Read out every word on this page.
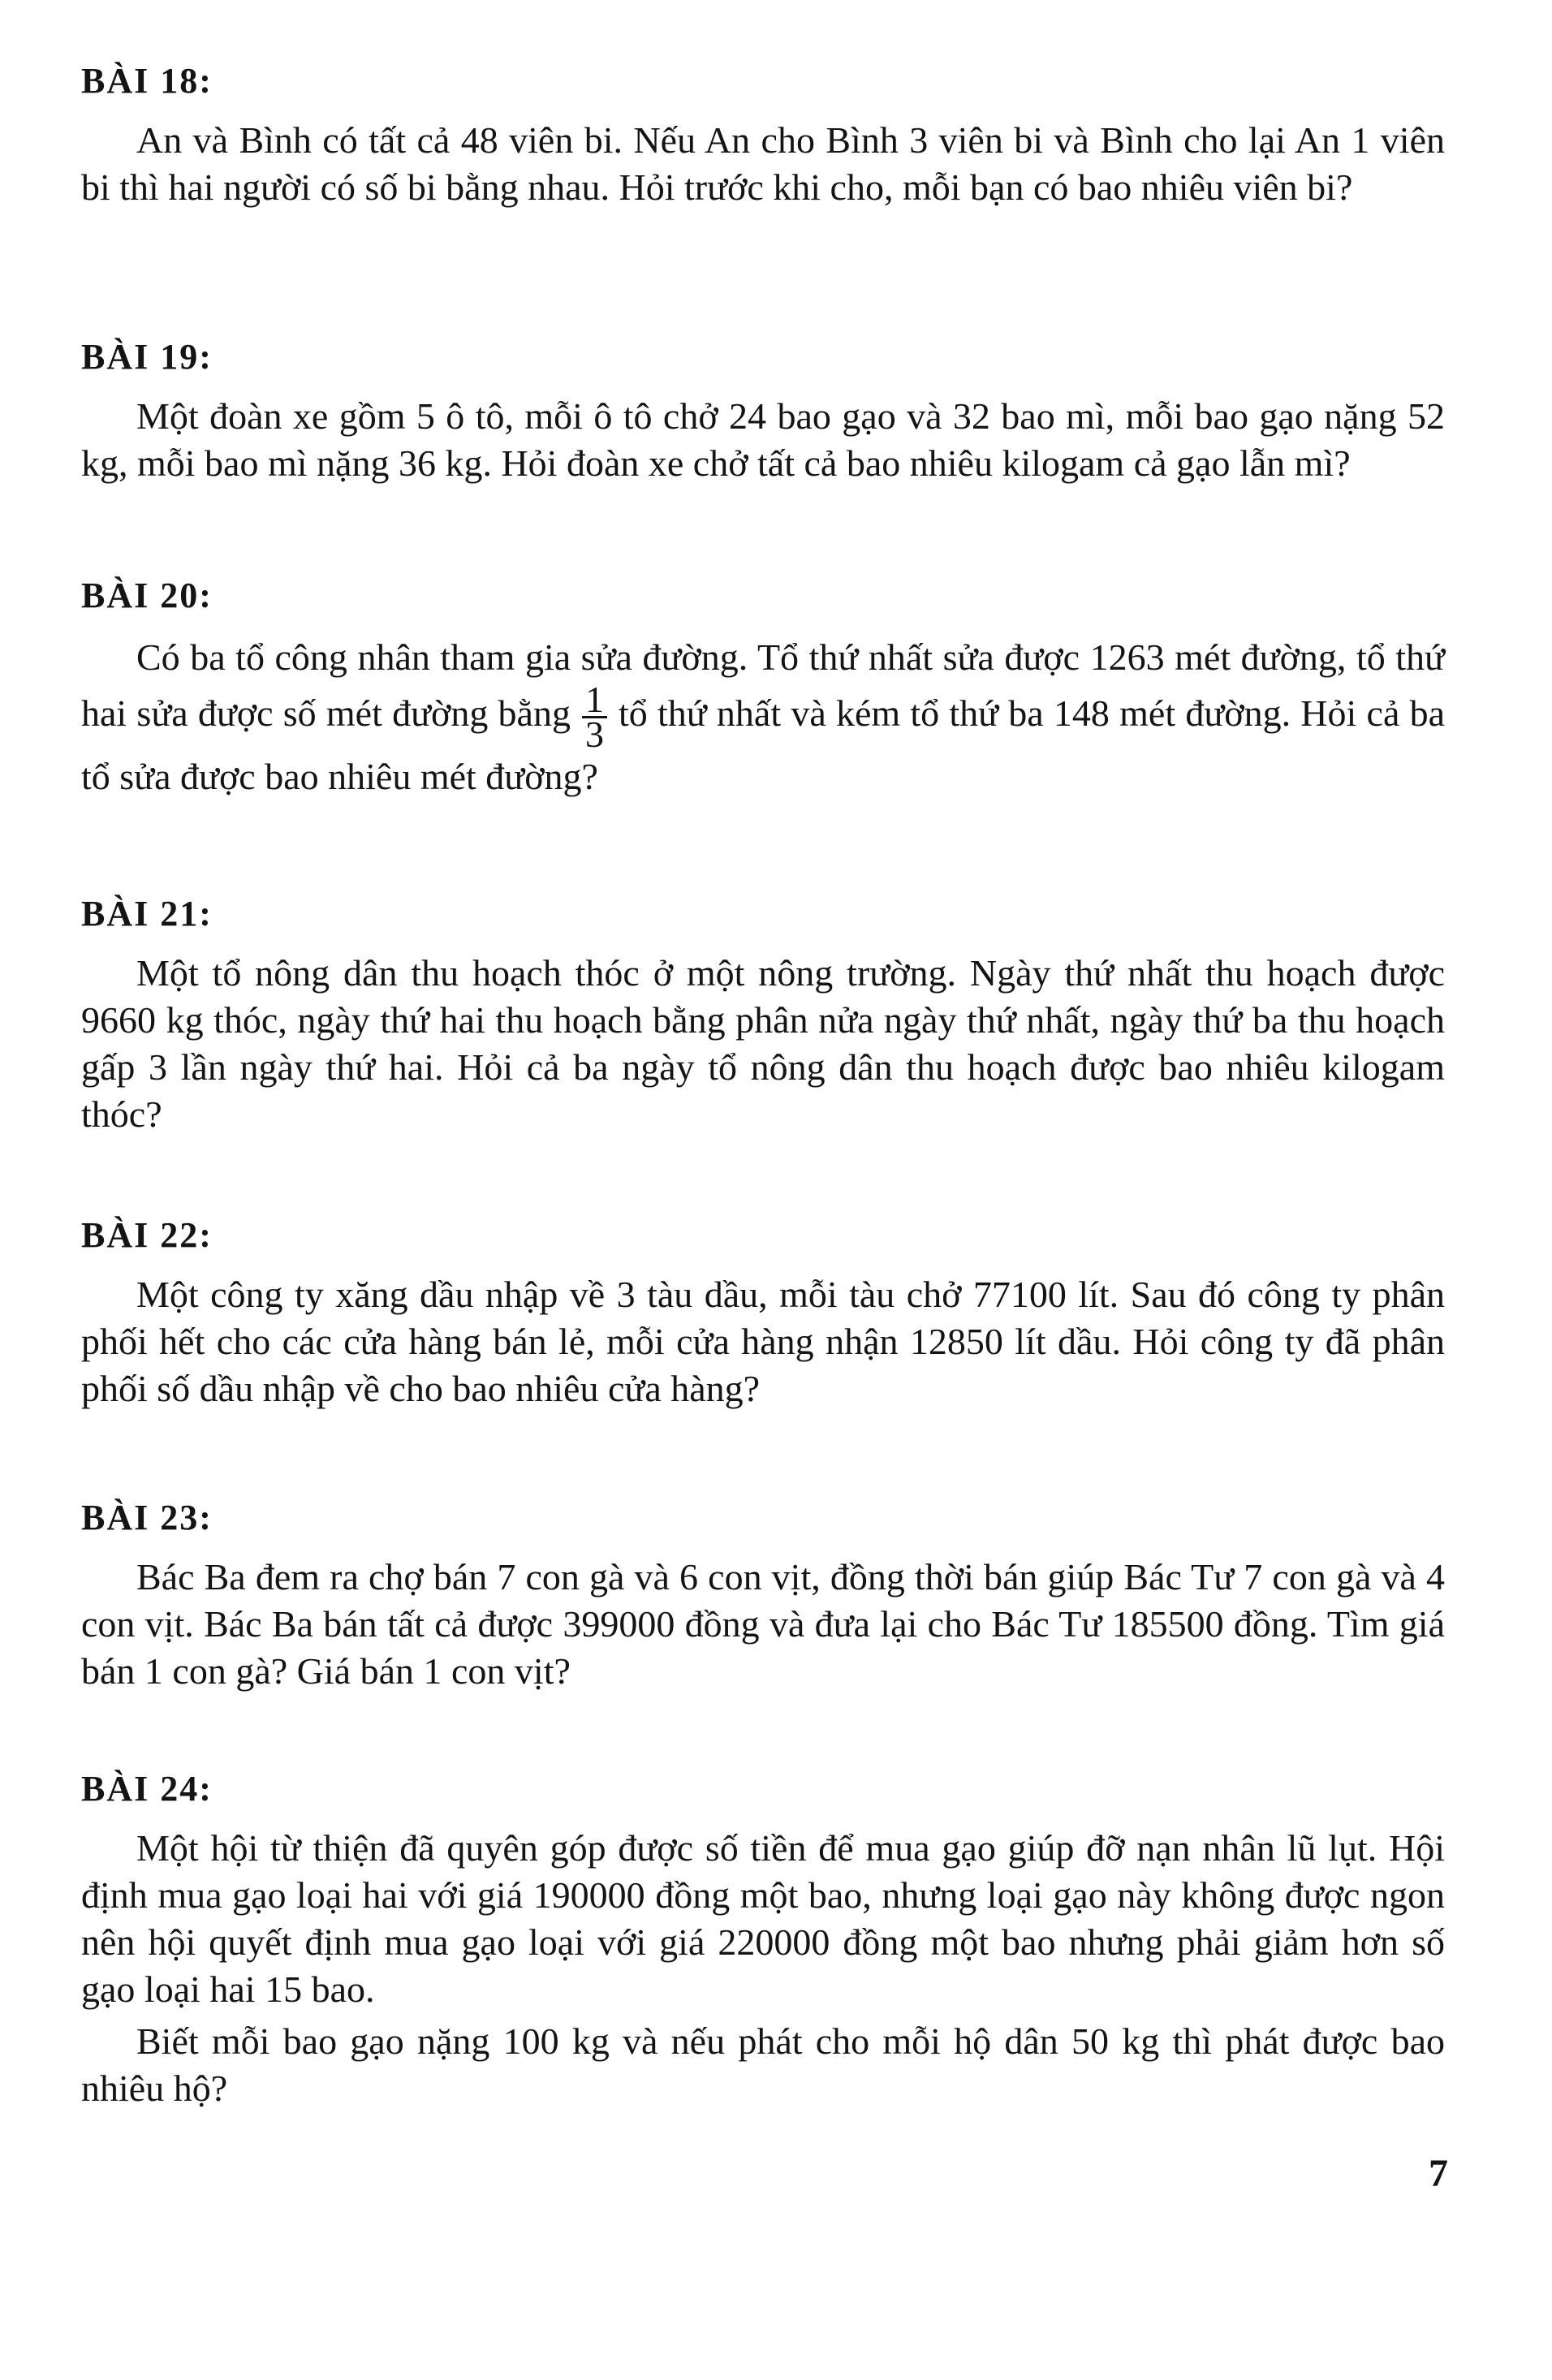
BÀI 18:

An và Bình có tất cả 48 viên bi. Nếu An cho Bình 3 viên bi và Bình cho lại An 1 viên bi thì hai người có số bi bằng nhau. Hỏi trước khi cho, mỗi bạn có bao nhiêu viên bi?

BÀI 19:

Một đoàn xe gồm 5 ô tô, mỗi ô tô chở 24 bao gạo và 32 bao mì, mỗi bao gạo nặng 52 kg, mỗi bao mì nặng 36 kg. Hỏi đoàn xe chở tất cả bao nhiêu kilogam cả gạo lẫn mì?

BÀI 20:

Có ba tổ công nhân tham gia sửa đường. Tổ thứ nhất sửa được 1263 mét đường, tổ thứ hai sửa được số mét đường bằng $\frac{1}{3}$ tổ thứ nhất và kém tổ thứ ba 148 mét đường. Hỏi cả ba tổ sửa được bao nhiêu mét đường?

BÀI 21:

Một tổ nông dân thu hoạch thóc ở một nông trường. Ngày thứ nhất thu hoạch được 9660 kg thóc, ngày thứ hai thu hoạch bằng phân nửa ngày thứ nhất, ngày thứ ba thu hoạch gấp 3 lần ngày thứ hai. Hỏi cả ba ngày tổ nông dân thu hoạch được bao nhiêu kilogam thóc?

BÀI 22:

Một công ty xăng dầu nhập về 3 tàu dầu, mỗi tàu chở 77100 lít. Sau đó công ty phân phối hết cho các cửa hàng bán lẻ, mỗi cửa hàng nhận 12850 lít dầu. Hỏi công ty đã phân phối số dầu nhập về cho bao nhiêu cửa hàng?

BÀI 23:

Bác Ba đem ra chợ bán 7 con gà và 6 con vịt, đồng thời bán giúp Bác Tư 7 con gà và 4 con vịt. Bác Ba bán tất cả được 399000 đồng và đưa lại cho Bác Tư 185500 đồng. Tìm giá bán 1 con gà? Giá bán 1 con vịt?

BÀI 24:

Một hội từ thiện đã quyên góp được số tiền để mua gạo giúp đỡ nạn nhân lũ lụt. Hội định mua gạo loại hai với giá 190000 đồng một bao, nhưng loại gạo này không được ngon nên hội quyết định mua gạo loại với giá 220000 đồng một bao nhưng phải giảm hơn số gạo loại hai 15 bao.

Biết mỗi bao gạo nặng 100 kg và nếu phát cho mỗi hộ dân 50 kg thì phát được bao nhiêu hộ?

7
